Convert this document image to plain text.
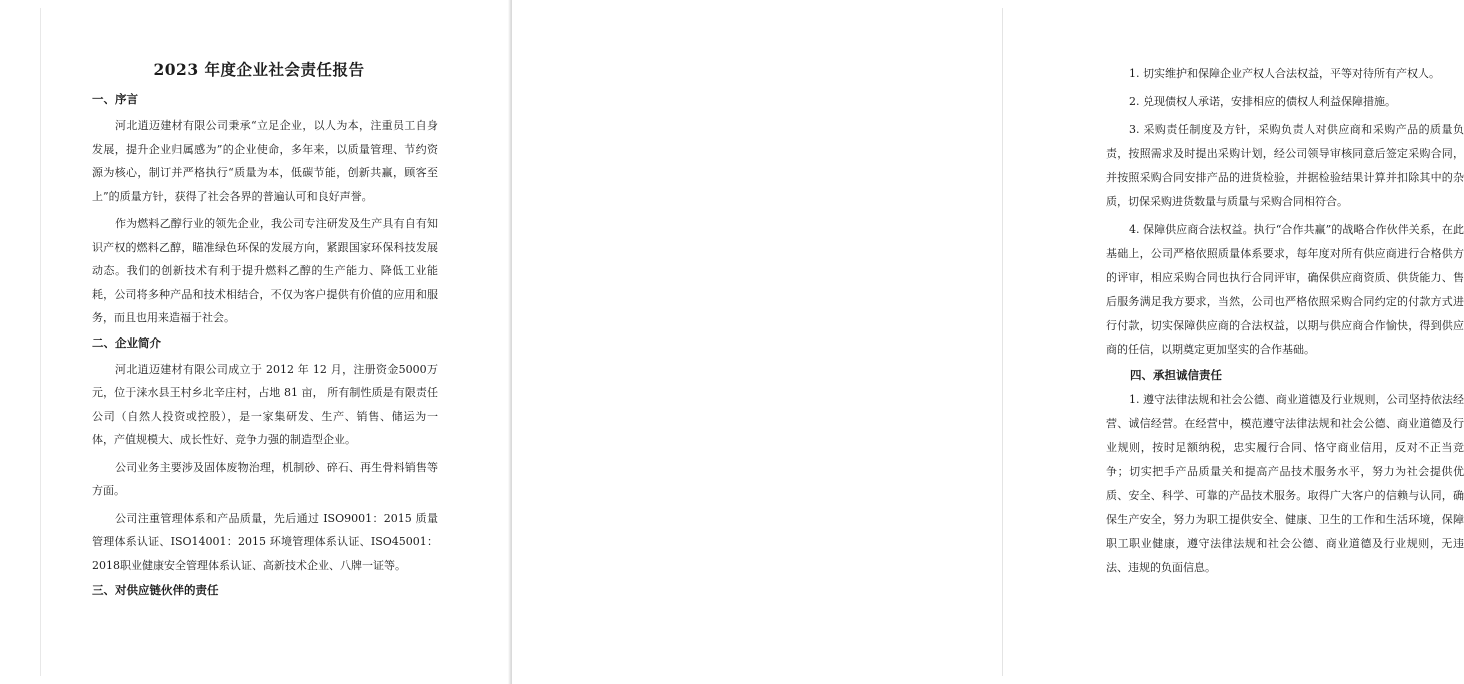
2023 年度企业社会责任报告
一、序言

河北逍迈建材有限公司秉承“立足企业，以人为本，注重员工自身发展，提升企业归属感为”的企业使命，多年来，以质量管理、节约资源为核心，制订并严格执行“质量为本，低碳节能，创新共赢，顾客至上”的质量方针，获得了社会各界的普遍认可和良好声誉。

作为燃料乙醇行业的领先企业，我公司专注研发及生产具有自有知识产权的燃料乙醇，瞄准绿色环保的发展方向，紧跟国家环保科技发展动态。我们的创新技术有利于提升燃料乙醇的生产能力、降低工业能耗，公司将多种产品和技术相结合，不仅为客户提供有价值的应用和服务，而且也用来造福于社会。

二、企业简介

河北逍迈建材有限公司成立于 2012 年 12 月，注册资金5000万元，位于涞水县王村乡北辛庄村，占地 81 亩， 所有制性质是有限责任公司（自然人投资或控股），是一家集研发、生产、销售、储运为一体，产值规模大、成长性好、竞争力强的制造型企业。

公司业务主要涉及固体废物治理，机制砂、碎石、再生骨料销售等方面。

公司注重管理体系和产品质量，先后通过 ISO9001：2015 质量管理体系认证、ISO14001：2015 环境管理体系认证、ISO45001：2018职业健康安全管理体系认证、高新技术企业、八牌一证等。

三、对供应链伙伴的责任

1. 切实维护和保障企业产权人合法权益，平等对待所有产权人。

2. 兑现债权人承诺，安排相应的债权人利益保障措施。

3. 采购责任制度及方针，采购负责人对供应商和采购产品的质量负责，按照需求及时提出采购计划，经公司领导审核同意后签定采购合同，并按照采购合同安排产品的进货检验，并据检验结果计算并扣除其中的杂质，切保采购进货数量与质量与采购合同相符合。

4. 保障供应商合法权益。执行“合作共赢”的战略合作伙伴关系，在此基础上，公司严格依照质量体系要求，每年度对所有供应商进行合格供方的评审，相应采购合同也执行合同评审，确保供应商资质、供货能力、售后服务满足我方要求，当然，公司也严格依照采购合同约定的付款方式进行付款，切实保障供应商的合法权益，以期与供应商合作愉快，得到供应商的任信，以期奠定更加坚实的合作基础。

四、承担诚信责任

1. 遵守法律法规和社会公德、商业道德及行业规则，公司坚持依法经营、诚信经营。在经营中，模范遵守法律法规和社会公德、商业道德及行业规则，按时足额纳税，忠实履行合同、恪守商业信用，反对不正当竞争；切实把手产品质量关和提高产品技术服务水平，努力为社会提供优质、安全、科学、可靠的产品技术服务。取得广大客户的信赖与认同，确保生产安全，努力为职工提供安全、健康、卫生的工作和生活环境，保障职工职业健康，遵守法律法规和社会公德、商业道德及行业规则，无违法、违规的负面信息。
